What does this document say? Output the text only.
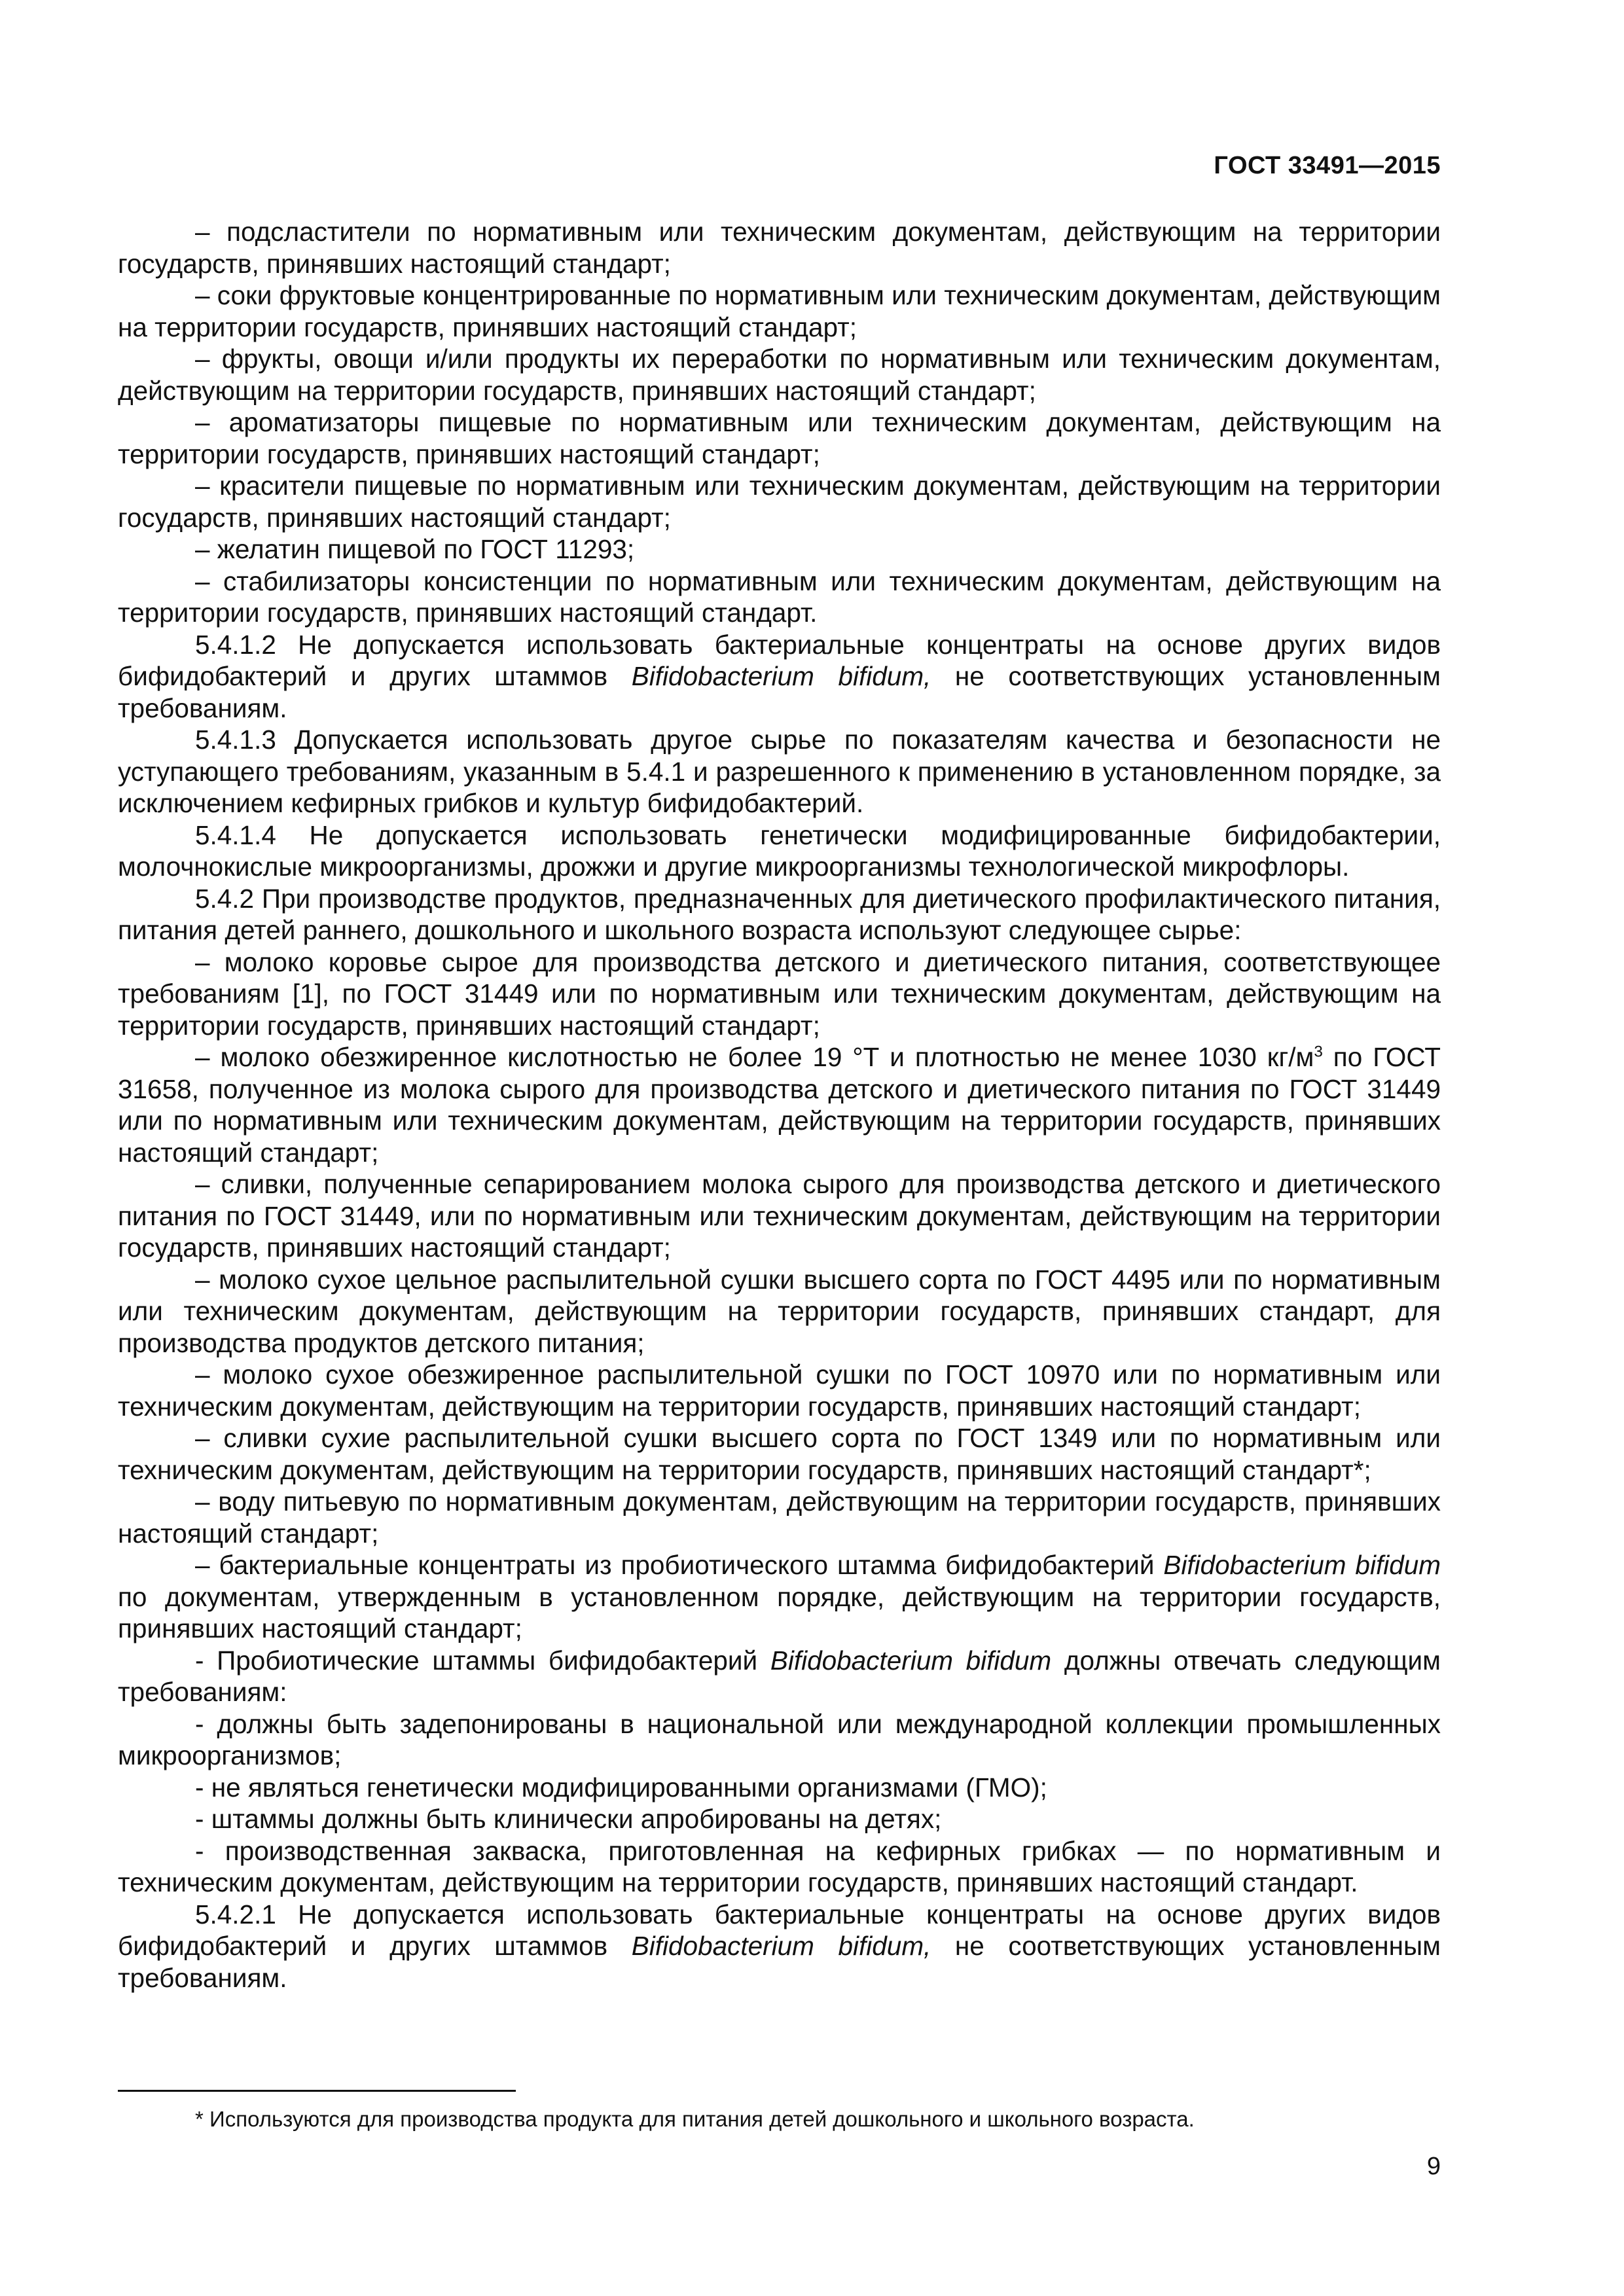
ГОСТ 33491—2015

– подсластители по нормативным или техническим документам, действующим на территории государств, принявших настоящий стандарт;

– соки фруктовые концентрированные по нормативным или техническим документам, действующим на территории государств, принявших настоящий стандарт;

– фрукты, овощи и/или продукты их переработки по нормативным или техническим документам, действующим на территории государств, принявших настоящий стандарт;

– ароматизаторы пищевые по нормативным или техническим документам, действующим на территории государств, принявших настоящий стандарт;

– красители пищевые по нормативным или техническим документам, действующим на территории государств, принявших настоящий стандарт;

– желатин пищевой по ГОСТ 11293;

– стабилизаторы консистенции по нормативным или техническим документам, действующим на территории государств, принявших настоящий стандарт.

5.4.1.2 Не допускается использовать бактериальные концентраты на основе других видов бифидобактерий и других штаммов Bifidobacterium bifidum, не соответствующих установленным требованиям.

5.4.1.3 Допускается использовать другое сырье по показателям качества и безопасности не уступающего требованиям, указанным в 5.4.1 и разрешенного к применению в установленном порядке, за исключением кефирных грибков и культур бифидобактерий.

5.4.1.4 Не допускается использовать генетически модифицированные бифидобактерии, молочнокислые микроорганизмы, дрожжи и другие микроорганизмы технологической микрофлоры.

5.4.2 При производстве продуктов, предназначенных для диетического профилактического питания, питания детей раннего, дошкольного и школьного возраста используют следующее сырье:

– молоко коровье сырое для производства детского и диетического питания, соответствующее требованиям [1], по ГОСТ 31449 или по нормативным или техническим документам, действующим на территории государств, принявших настоящий стандарт;

– молоко обезжиренное кислотностью не более 19 °Т и плотностью не менее 1030 $кг/м^3$ по ГОСТ 31658, полученное из молока сырого для производства детского и диетического питания по ГОСТ 31449 или по нормативным или техническим документам, действующим на территории государств, принявших настоящий стандарт;

– сливки, полученные сепарированием молока сырого для производства детского и диетического питания по ГОСТ 31449, или по нормативным или техническим документам, действующим на территории государств, принявших настоящий стандарт;

– молоко сухое цельное распылительной сушки высшего сорта по ГОСТ 4495 или по нормативным или техническим документам, действующим на территории государств, принявших стандарт, для производства продуктов детского питания;

– молоко сухое обезжиренное распылительной сушки по ГОСТ 10970 или по нормативным или техническим документам, действующим на территории государств, принявших настоящий стандарт;

– сливки сухие распылительной сушки высшего сорта по ГОСТ 1349 или по нормативным или техническим документам, действующим на территории государств, принявших настоящий стандарт*;

– воду питьевую по нормативным документам, действующим на территории государств, принявших настоящий стандарт;

– бактериальные концентраты из пробиотического штамма бифидобактерий Bifidobacterium bifidum по документам, утвержденным в установленном порядке, действующим на территории государств, принявших настоящий стандарт;

- Пробиотические штаммы бифидобактерий Bifidobacterium bifidum должны отвечать следующим требованиям:

- должны быть задепонированы в национальной или международной коллекции промышленных микроорганизмов;

- не являться генетически модифицированными организмами (ГМО);

- штаммы должны быть клинически апробированы на детях;

- производственная закваска, приготовленная на кефирных грибках — по нормативным и техническим документам, действующим на территории государств, принявших настоящий стандарт.

5.4.2.1 Не допускается использовать бактериальные концентраты на основе других видов бифидобактерий и других штаммов Bifidobacterium bifidum, не соответствующих установленным требованиям.

* Используются для производства продукта для питания детей дошкольного и школьного возраста.
9
